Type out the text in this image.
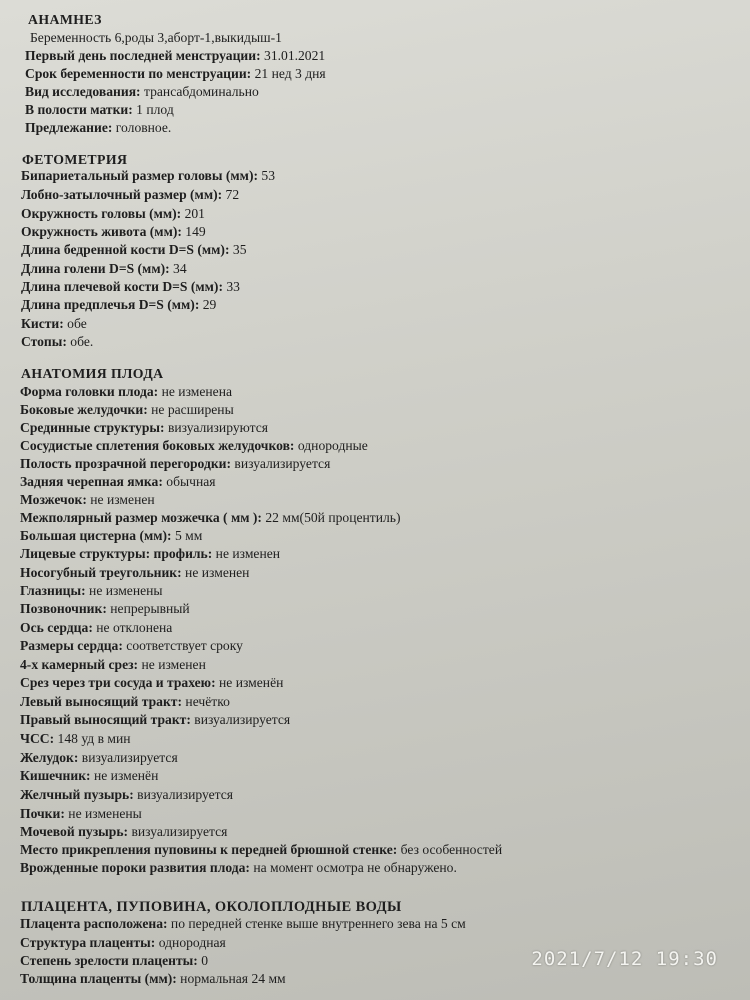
АНАМНЕЗ
Беременность 6,роды 3,аборт-1,выкидыш-1
Первый день последней менструации: 31.01.2021
Срок беременности по менструации: 21 нед 3 дня
Вид исследования: трансабдоминально
В полости матки: 1 плод
Предлежание: головное.
ФЕТОМЕТРИЯ
Бипариетальный размер головы (мм): 53
Лобно-затылочный размер (мм): 72
Окружность головы (мм): 201
Окружность живота (мм): 149
Длина бедренной кости D=S (мм): 35
Длина голени D=S (мм): 34
Длина плечевой кости D=S (мм): 33
Длина предплечья D=S (мм): 29
Кисти: обе
Стопы: обе.
АНАТОМИЯ ПЛОДА
Форма головки плода: не изменена
Боковые желудочки: не расширены
Срединные структуры: визуализируются
Сосудистые сплетения боковых желудочков: однородные
Полость прозрачной перегородки: визуализируется
Задняя черепная ямка: обычная
Мозжечок: не изменен
Межполярный размер мозжечка ( мм ): 22 мм(50й процентиль)
Большая цистерна (мм): 5 мм
Лицевые структуры: профиль: не изменен
Носогубный треугольник: не изменен
Глазницы: не изменены
Позвоночник: непрерывный
Ось сердца: не отклонена
Размеры сердца: соответствует сроку
4-х камерный срез: не изменен
Срез через три сосуда и трахею: не изменён
Левый выносящий тракт: нечётко
Правый выносящий тракт: визуализируется
ЧСС: 148 уд в мин
Желудок: визуализируется
Кишечник: не изменён
Желчный пузырь: визуализируется
Почки: не изменены
Мочевой пузырь: визуализируется
Место прикрепления пуповины к передней брюшной стенке: без особенностей
Врожденные пороки развития плода: на момент осмотра не обнаружено.
ПЛАЦЕНТА, ПУПОВИНА, ОКОЛОПЛОДНЫЕ ВОДЫ
Плацента расположена: по передней стенке выше внутреннего зева на 5 см
Структура плаценты: однородная
Степень зрелости плаценты: 0
Толщина плаценты (мм): нормальная 24 мм
2021/7/12 19:30
